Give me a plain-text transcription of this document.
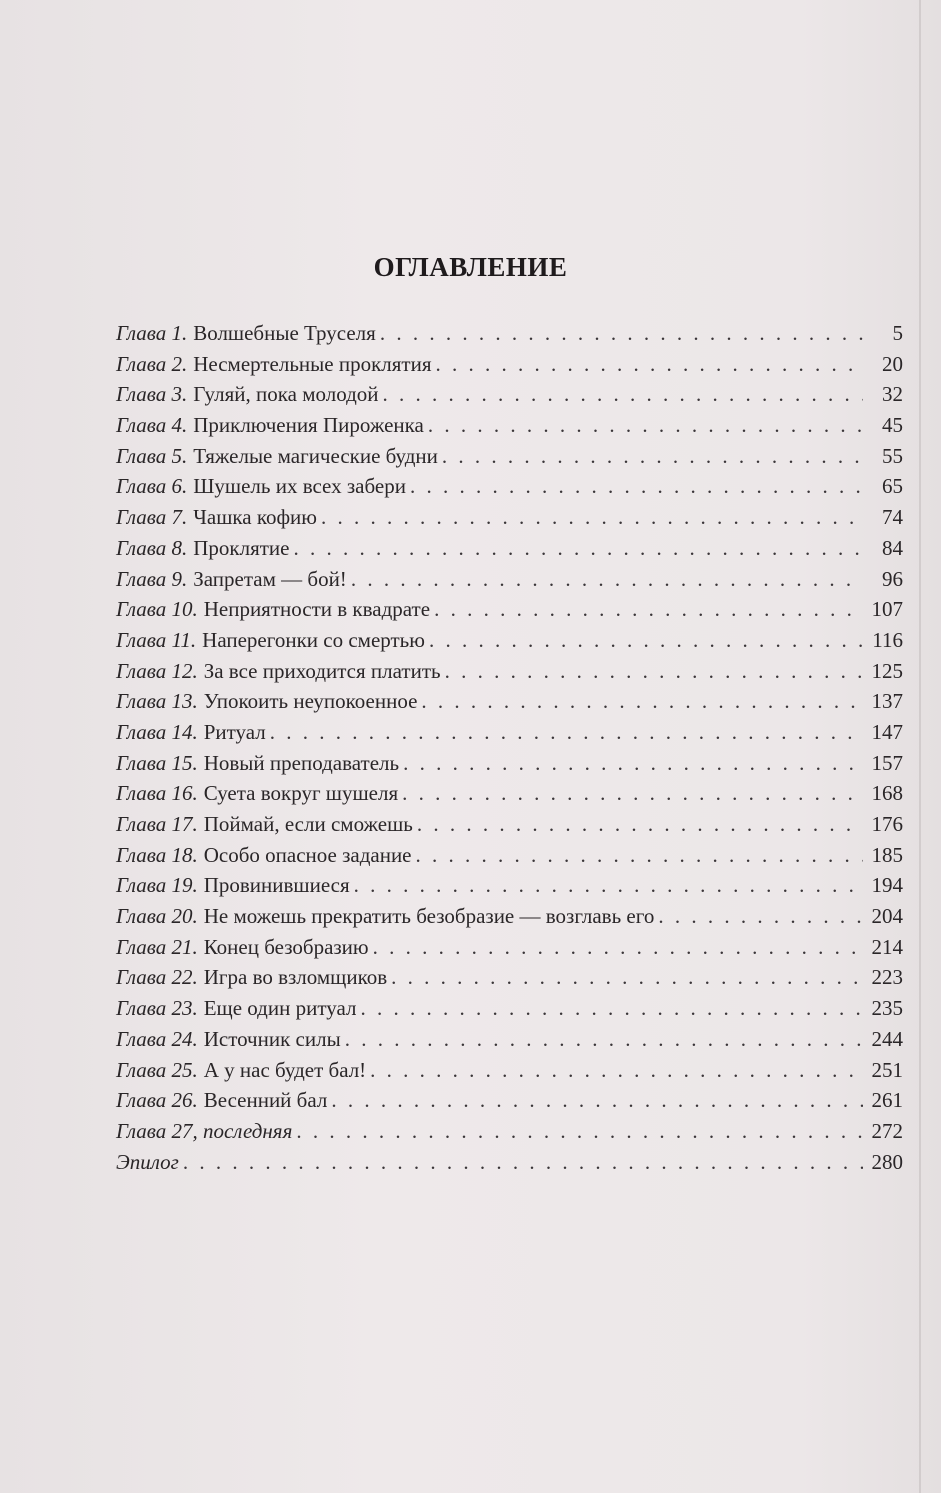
ОГЛАВЛЕНИЕ
Глава 1. Волшебные Труселя . . .	5
Глава 2. Несмертельные проклятия . . .	20
Глава 3. Гуляй, пока молодой . . .	32
Глава 4. Приключения Пироженка . . .	45
Глава 5. Тяжелые магические будни . . .	55
Глава 6. Шушель их всех забери . . .	65
Глава 7. Чашка кофию . . .	74
Глава 8. Проклятие . . .	84
Глава 9. Запретам — бой! . . .	96
Глава 10. Неприятности в квадрате . . .	107
Глава 11. Наперегонки со смертью . . .	116
Глава 12. За все приходится платить . . .	125
Глава 13. Упокоить неупокоенное . . .	137
Глава 14. Ритуал . . .	147
Глава 15. Новый преподаватель . . .	157
Глава 16. Суета вокруг шушеля . . .	168
Глава 17. Поймай, если сможешь . . .	176
Глава 18. Особо опасное задание . . .	185
Глава 19. Провинившиеся . . .	194
Глава 20. Не можешь прекратить безобразие — возглавь его . . .	204
Глава 21. Конец безобразию . . .	214
Глава 22. Игра во взломщиков . . .	223
Глава 23. Еще один ритуал . . .	235
Глава 24. Источник силы . . .	244
Глава 25. А у нас будет бал! . . .	251
Глава 26. Весенний бал . . .	261
Глава 27, последняя . . .	272
Эпилог . . .	280
